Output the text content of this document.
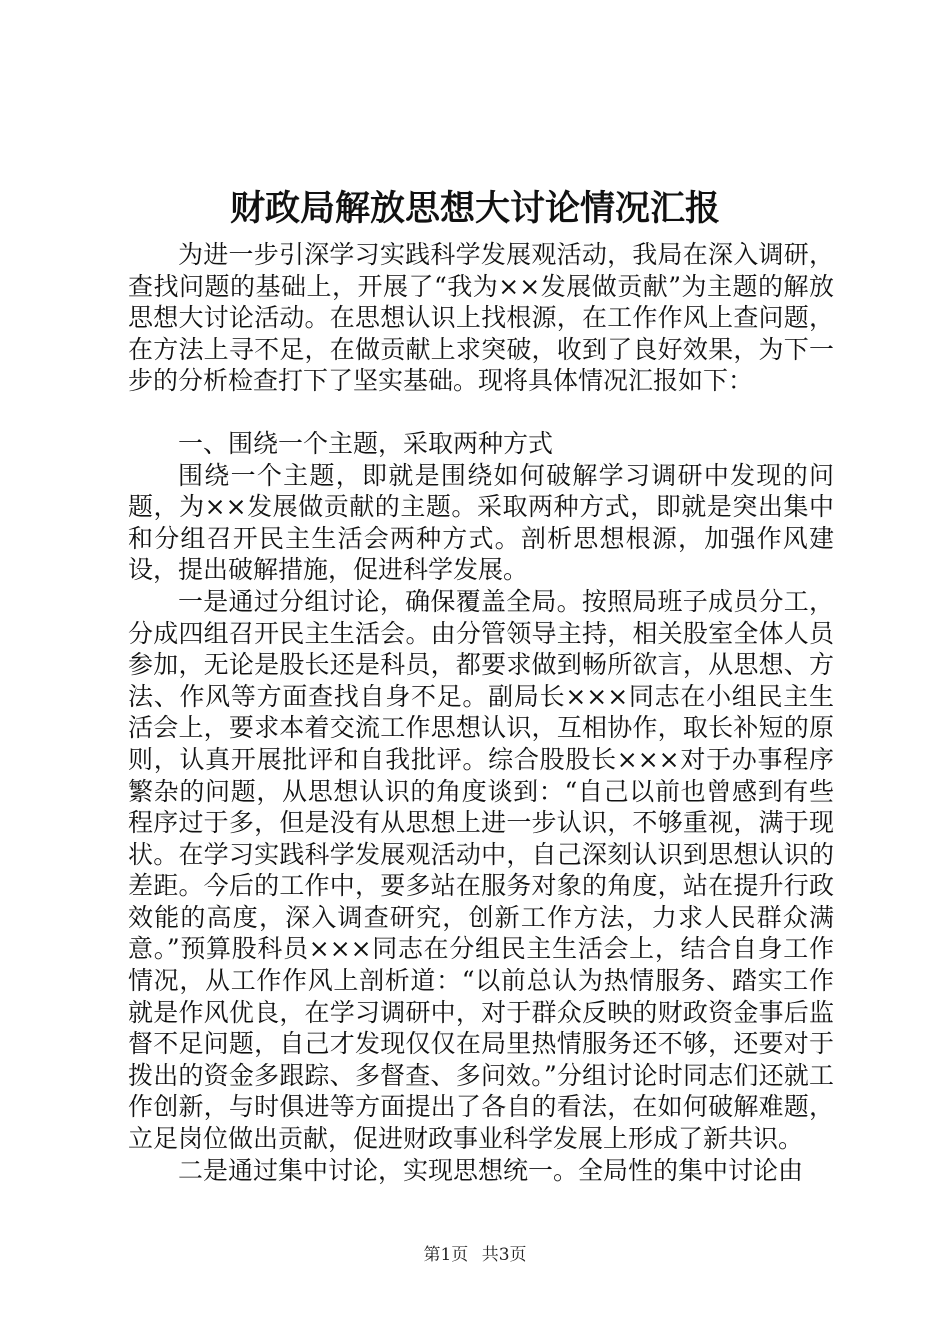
财政局解放思想大讨论情况汇报

为进一步引深学习实践科学发展观活动，我局在深入调研，查找问题的基础上，开展了“我为××发展做贡献”为主题的解放思想大讨论活动。在思想认识上找根源，在工作作风上查问题，在方法上寻不足，在做贡献上求突破，收到了良好效果，为下一步的分析检查打下了坚实基础。现将具体情况汇报如下：

一、围绕一个主题，采取两种方式

围绕一个主题，即就是围绕如何破解学习调研中发现的问题，为××发展做贡献的主题。采取两种方式，即就是突出集中和分组召开民主生活会两种方式。剖析思想根源，加强作风建设，提出破解措施，促进科学发展。

一是通过分组讨论，确保覆盖全局。按照局班子成员分工，分成四组召开民主生活会。由分管领导主持，相关股室全体人员参加，无论是股长还是科员，都要求做到畅所欲言，从思想、方法、作风等方面查找自身不足。副局长×××同志在小组民主生活会上，要求本着交流工作思想认识，互相协作，取长补短的原则，认真开展批评和自我批评。综合股股长×××对于办事程序繁杂的问题，从思想认识的角度谈到：“自己以前也曾感到有些程序过于多，但是没有从思想上进一步认识，不够重视，满于现状。在学习实践科学发展观活动中，自己深刻认识到思想认识的差距。今后的工作中，要多站在服务对象的角度，站在提升行政效能的高度，深入调查研究，创新工作方法，力求人民群众满意。”预算股科员×××同志在分组民主生活会上，结合自身工作情况，从工作作风上剖析道：“以前总认为热情服务、踏实工作就是作风优良，在学习调研中，对于群众反映的财政资金事后监督不足问题，自己才发现仅仅在局里热情服务还不够，还要对于拨出的资金多跟踪、多督查、多问效。”分组讨论时同志们还就工作创新，与时俱进等方面提出了各自的看法，在如何破解难题，立足岗位做出贡献，促进财政事业科学发展上形成了新共识。

二是通过集中讨论，实现思想统一。全局性的集中讨论由

第1页 共3页
